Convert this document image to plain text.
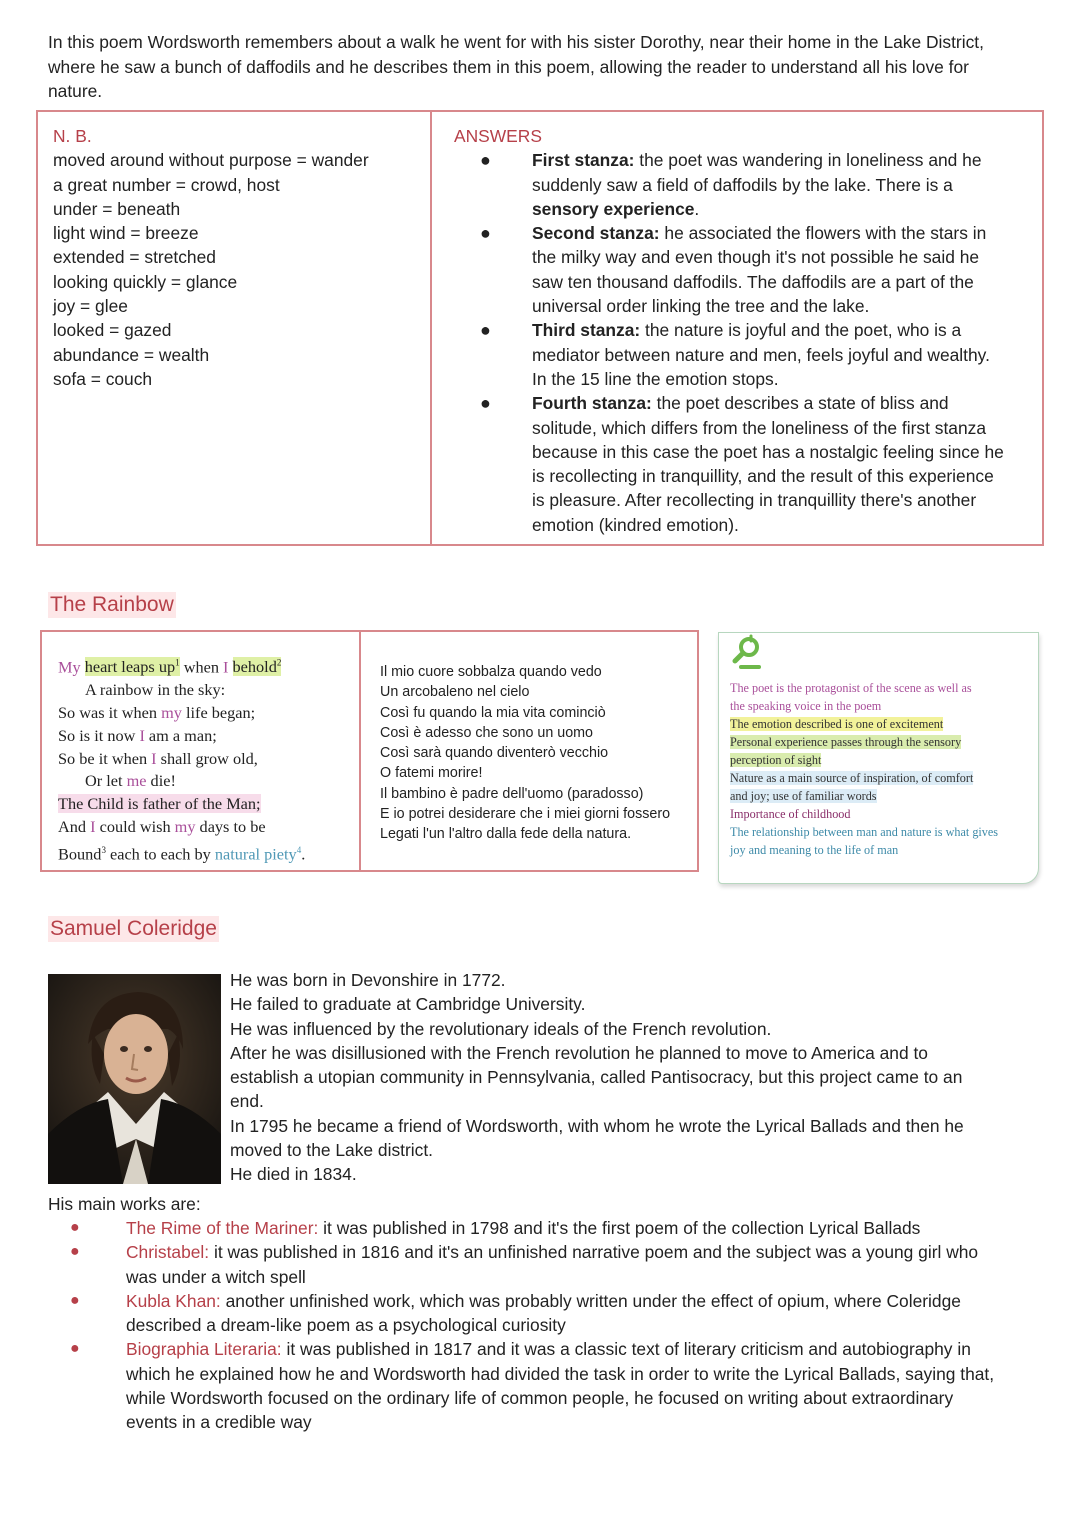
In this poem Wordsworth remembers about a walk he went for with his sister Dorothy, near their home in the Lake District,
where he saw a bunch of daffodils and he describes them in this poem, allowing the reader to understand all his love for
nature.
N. B.
moved around without purpose = wander
a great number = crowd, host
under = beneath
light wind = breeze
extended = stretched
looking quickly = glance
joy = glee
looked = gazed
abundance = wealth
sofa = couch
ANSWERS
● First stanza: the poet was wandering in loneliness and he
suddenly saw a field of daffodils by the lake. There is a
sensory experience.
● Second stanza: he associated the flowers with the stars in
the milky way and even though it's not possible he said he
saw ten thousand daffodils. The daffodils are a part of the
universal order linking the tree and the lake.
● Third stanza: the nature is joyful and the poet, who is a
mediator between nature and men, feels joyful and wealthy.
In the 15 line the emotion stops.
● Fourth stanza: the poet describes a state of bliss and
solitude, which differs from the loneliness of the first stanza
because in this case the poet has a nostalgic feeling since he
is recollecting in tranquillity, and the result of this experience
is pleasure. After recollecting in tranquillity there's another
emotion (kindred emotion).
The Rainbow
My heart leaps $up^1$ when I behold$^2$
A rainbow in the sky:
So was it when my life began;
So is it now I am a man;
So be it when I shall grow old,
Or let me die!
The Child is father of the Man;
And I could wish my days to be
Bound$^3$ each to each by natural piety$^4$.
Il mio cuore sobbalza quando vedo
Un arcobaleno nel cielo
Così fu quando la mia vita cominciò
Così è adesso che sono un uomo
Così sarà quando diventerò vecchio
O fatemi morire!
Il bambino è padre dell'uomo (paradosso)
E io potrei desiderare che i miei giorni fossero
Legati l'un l'altro dalla fede della natura.
The poet is the protagonist of the scene as well as
the speaking voice in the poem
The emotion described is one of excitement
Personal experience passes through the sensory
perception of sight
Nature as a main source of inspiration, of comfort
and joy; use of familiar words
Importance of childhood
The relationship between man and nature is what gives
joy and meaning to the life of man
Samuel Coleridge
He was born in Devonshire in 1772.
He failed to graduate at Cambridge University.
He was influenced by the revolutionary ideals of the French revolution.
After he was disillusioned with the French revolution he planned to move to America and to
establish a utopian community in Pennsylvania, called Pantisocracy, but this project came to an
end.
In 1795 he became a friend of Wordsworth, with whom he wrote the Lyrical Ballads and then he
moved to the Lake district.
He died in 1834.
His main works are:
●	The Rime of the Mariner: it was published in 1798 and it's the first poem of the collection Lyrical Ballads
●	Christabel: it was published in 1816 and it's an unfinished narrative poem and the subject was a young girl who
was under a witch spell
●	Kubla Khan: another unfinished work, which was probably written under the effect of opium, where Coleridge
described a dream-like poem as a psychological curiosity
●	Biographia Literaria: it was published in 1817 and it was a classic text of literary criticism and autobiography in
which he explained how he and Wordsworth had divided the task in order to write the Lyrical Ballads, saying that,
while Wordsworth focused on the ordinary life of common people, he focused on writing about extraordinary
events in a credible way
